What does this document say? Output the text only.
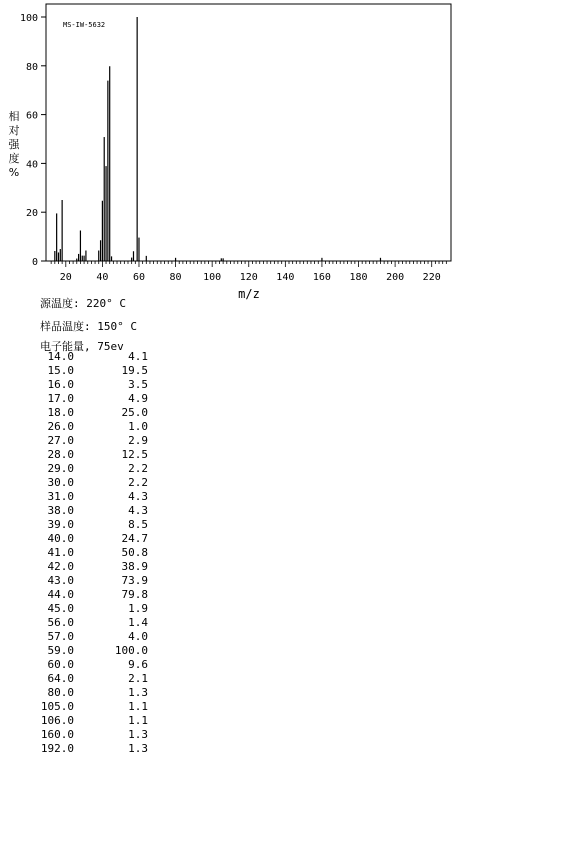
MS-IW-5632
0
20
40
60
80
100
20 40 60 80 100 120 140 160 180 200 220
m/z
相
对
强
度
%
源温度: 220° C
样品温度: 150° C
电子能量, 75ev
14.0	4.1
15.0	19.5
16.0	3.5
17.0	4.9
18.0	25.0
26.0	1.0
27.0	2.9
28.0	12.5
29.0	2.2
30.0	2.2
31.0	4.3
38.0	4.3
39.0	8.5
40.0	24.7
41.0	50.8
42.0	38.9
43.0	73.9
44.0	79.8
45.0	1.9
56.0	1.4
57.0	4.0
59.0	100.0
60.0	9.6
64.0	2.1
80.0	1.3
105.0	1.1
106.0	1.1
160.0	1.3
192.0	1.3
